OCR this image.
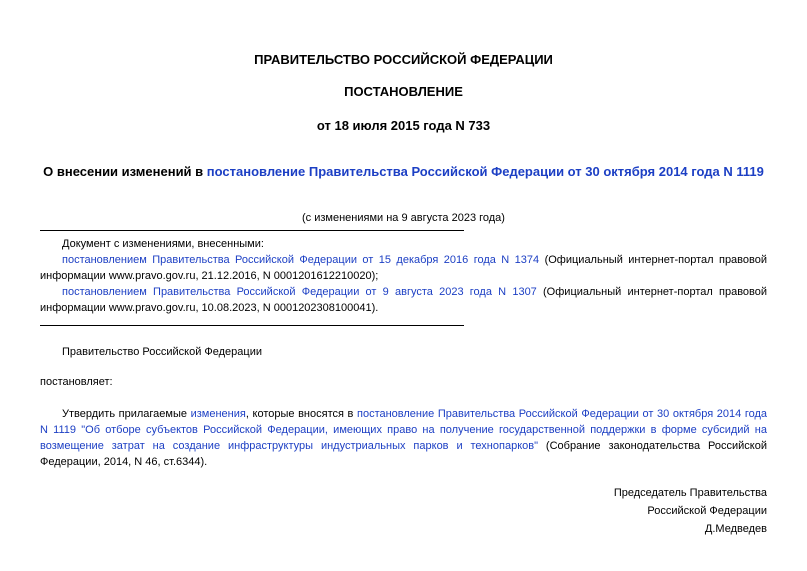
ПРАВИТЕЛЬСТВО РОССИЙСКОЙ ФЕДЕРАЦИИ
ПОСТАНОВЛЕНИЕ
от 18 июля 2015 года N 733
О внесении изменений в постановление Правительства Российской Федерации от 30 октября 2014 года N 1119
(с изменениями на 9 августа 2023 года)

Документ с изменениями, внесенными:

постановлением Правительства Российской Федерации от 15 декабря 2016 года N 1374 (Официальный интернет-портал правовой информации www.pravo.gov.ru, 21.12.2016, N 0001201612210020);

постановлением Правительства Российской Федерации от 9 августа 2023 года N 1307 (Официальный интернет-портал правовой информации www.pravo.gov.ru, 10.08.2023, N 0001202308100041).

Правительство Российской Федерации
постановляет:
Утвердить прилагаемые изменения, которые вносятся в постановление Правительства Российской Федерации от 30 октября 2014 года N 1119 "Об отборе субъектов Российской Федерации, имеющих право на получение государственной поддержки в форме субсидий на возмещение затрат на создание инфраструктуры индустриальных парков и технопарков" (Собрание законодательства Российской Федерации, 2014, N 46, ст.6344).
Председатель Правительства
Российской Федерации
Д.Медведев
